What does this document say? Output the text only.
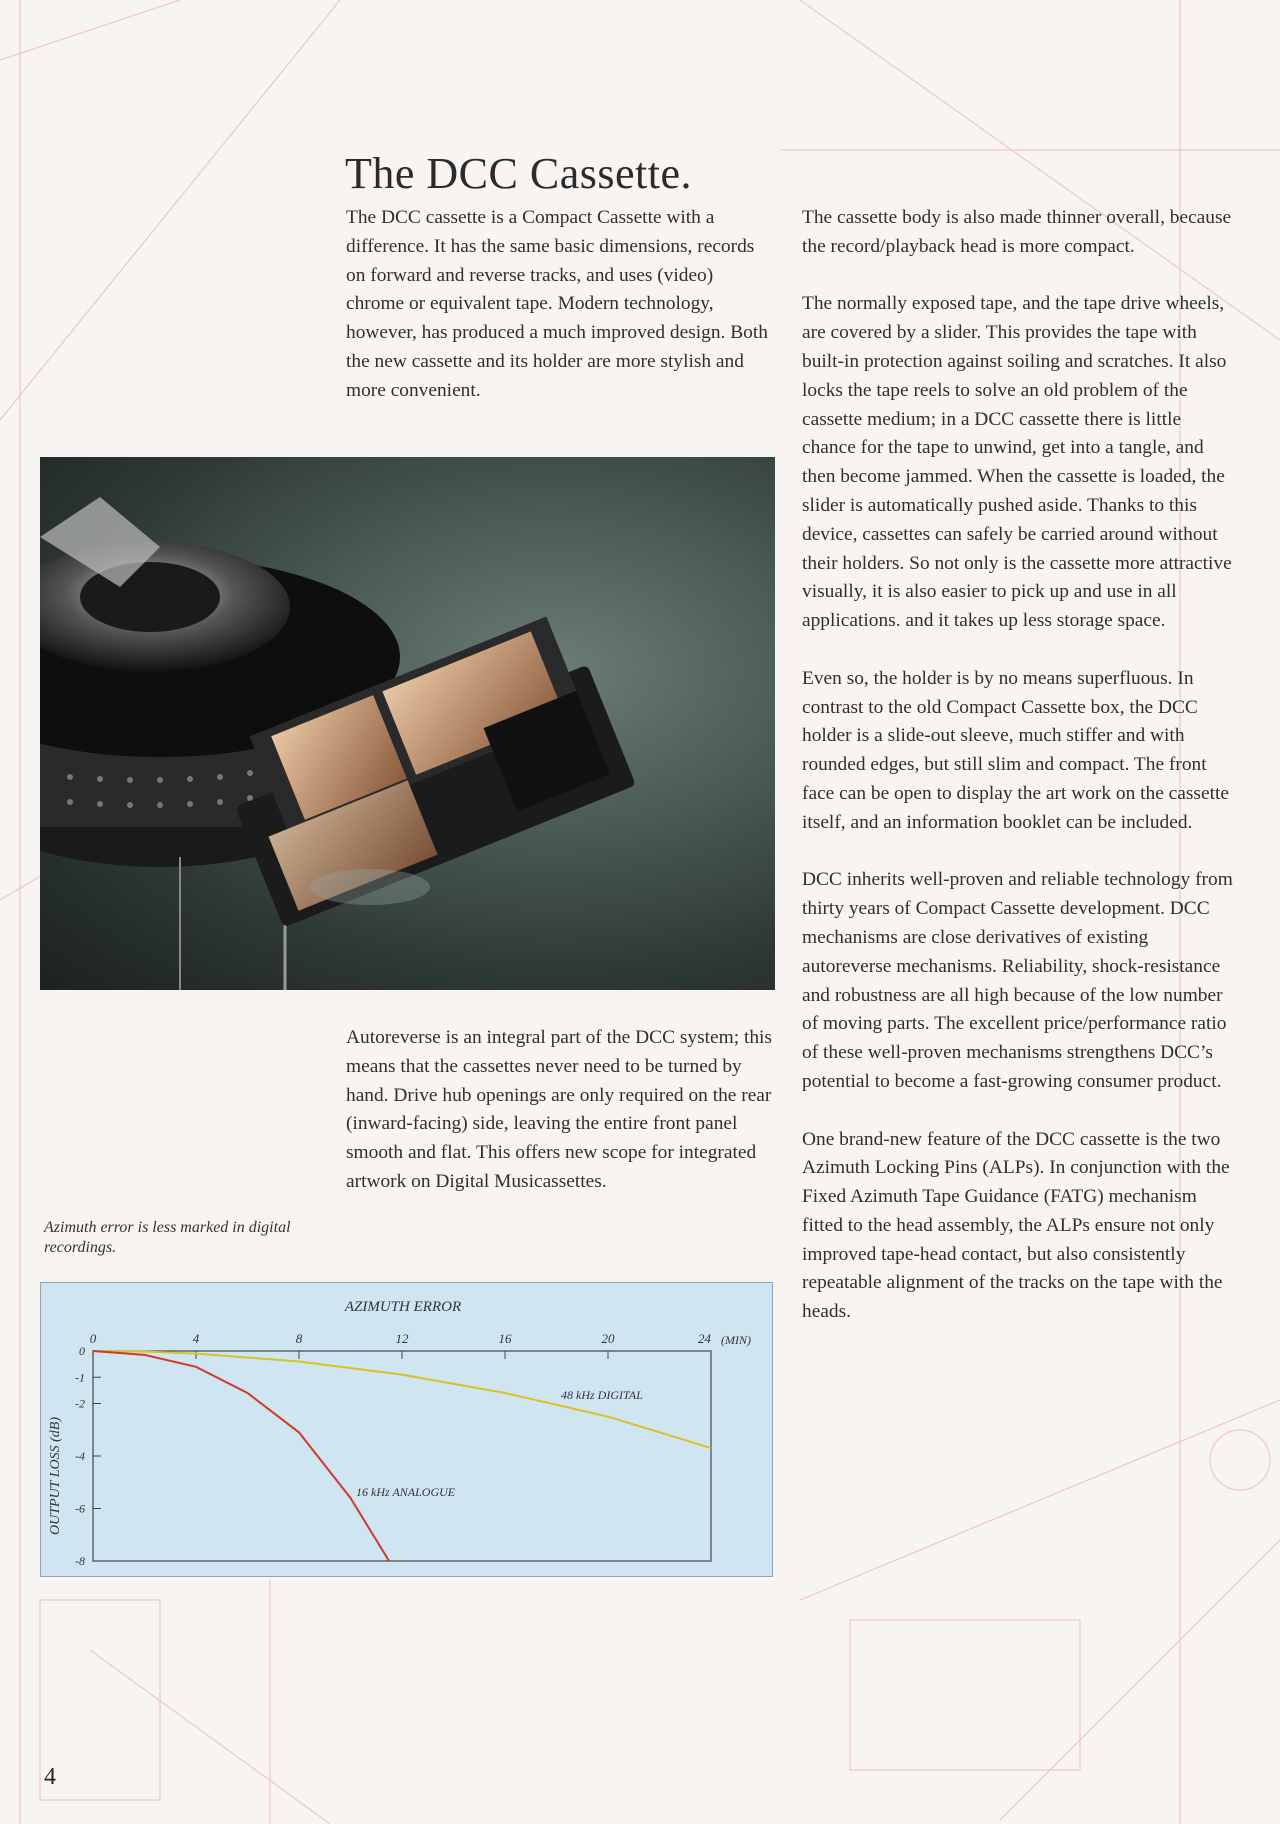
The DCC Cassette.

The DCC cassette is a Compact Cassette with a difference. It has the same basic dimensions, records on forward and reverse tracks, and uses (video) chrome or equivalent tape. Modern technology, however, has produced a much improved design. Both the new cassette and its holder are more stylish and more convenient.

Autoreverse is an integral part of the DCC system; this means that the cassettes never need to be turned by hand. Drive hub openings are only required on the rear (inward-facing) side, leaving the entire front panel smooth and flat. This offers new scope for integrated artwork on Digital Musicassettes.

The cassette body is also made thinner overall, because the record/playback head is more compact.

The normally exposed tape, and the tape drive wheels, are covered by a slider. This provides the tape with built-in protection against soiling and scratches. It also locks the tape reels to solve an old problem of the cassette medium; in a DCC cassette there is little chance for the tape to unwind, get into a tangle, and then become jammed. When the cassette is loaded, the slider is automatically pushed aside. Thanks to this device, cassettes can safely be carried around without their holders. So not only is the cassette more attractive visually, it is also easier to pick up and use in all applications. and it takes up less storage space.

Even so, the holder is by no means superfluous. In contrast to the old Compact Cassette box, the DCC holder is a slide-out sleeve, much stiffer and with rounded edges, but still slim and compact. The front face can be open to display the art work on the cassette itself, and an information booklet can be included.

DCC inherits well-proven and reliable technology from thirty years of Compact Cassette development. DCC mechanisms are close derivatives of existing autoreverse mechanisms. Reliability, shock-resistance and robustness are all high because of the low number of moving parts. The excellent price/performance ratio of these well-proven mechanisms strengthens DCC’s potential to become a fast-growing consumer product.

One brand-new feature of the DCC cassette is the two Azimuth Locking Pins (ALPs). In conjunction with the Fixed Azimuth Tape Guidance (FATG) mechanism fitted to the head assembly, the ALPs ensure not only improved tape-head contact, but also consistently repeatable alignment of the tracks on the tape with the heads.

Azimuth error is less marked in digital recordings.
AZIMUTH ERROR
(MIN)
OUTPUT LOSS (dB)
0	4	8	12	16	20	24
0
-1
-2
-4
-6
-8
48 kHz DIGITAL
16 kHz ANALOGUE
4
